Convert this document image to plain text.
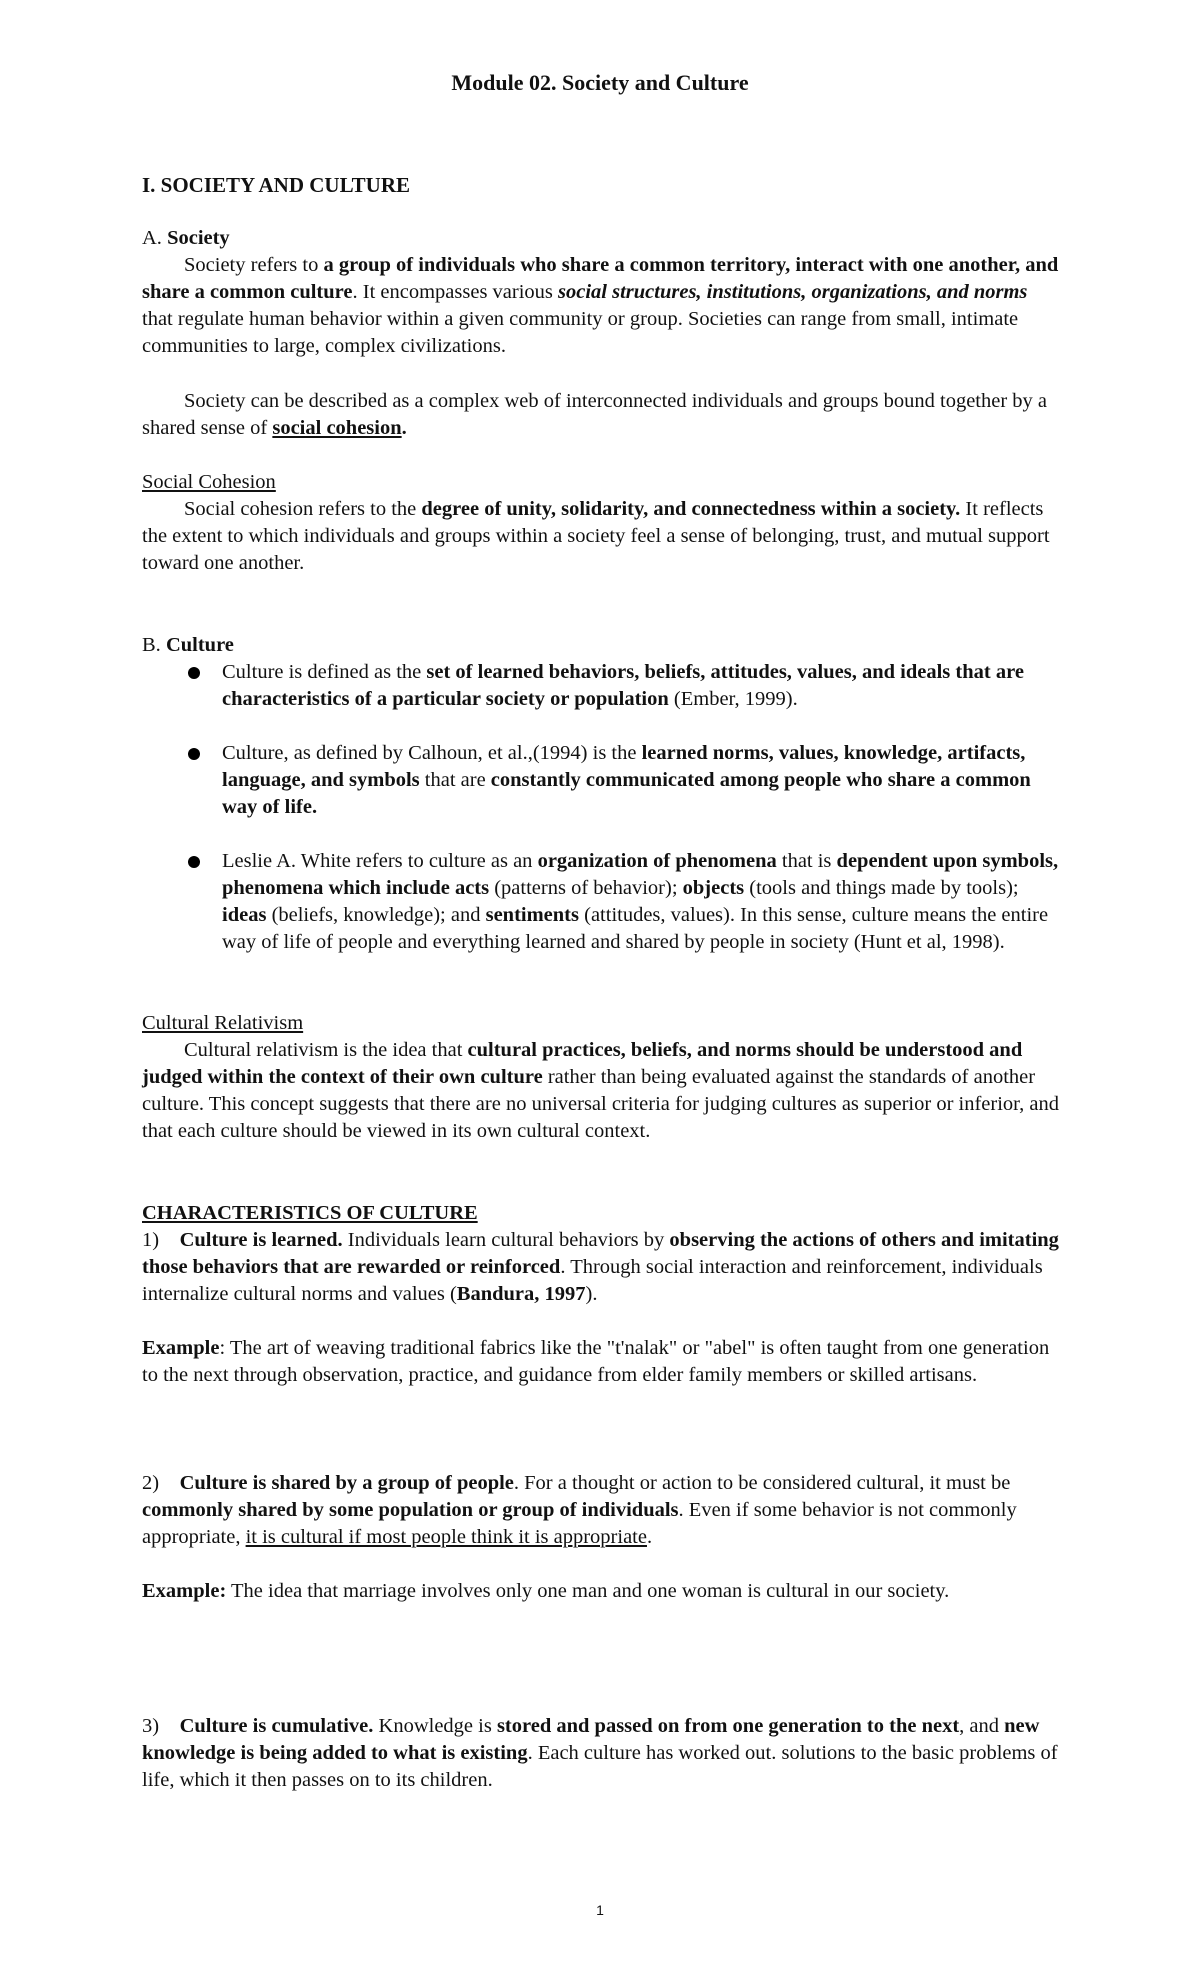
Module 02. Society and Culture
I. SOCIETY AND CULTURE
A. Society
Society refers to a group of individuals who share a common territory, interact with one another, and share a common culture. It encompasses various social structures, institutions, organizations, and norms that regulate human behavior within a given community or group. Societies can range from small, intimate communities to large, complex civilizations.
Society can be described as a complex web of interconnected individuals and groups bound together by a shared sense of social cohesion.
Social Cohesion
Social cohesion refers to the degree of unity, solidarity, and connectedness within a society. It reflects the extent to which individuals and groups within a society feel a sense of belonging, trust, and mutual support toward one another.
B. Culture
Culture is defined as the set of learned behaviors, beliefs, attitudes, values, and ideals that are characteristics of a particular society or population (Ember, 1999).
Culture, as defined by Calhoun, et al.,(1994) is the learned norms, values, knowledge, artifacts, language, and symbols that are constantly communicated among people who share a common way of life.
Leslie A. White refers to culture as an organization of phenomena that is dependent upon symbols, phenomena which include acts (patterns of behavior); objects (tools and things made by tools); ideas (beliefs, knowledge); and sentiments (attitudes, values). In this sense, culture means the entire way of life of people and everything learned and shared by people in society (Hunt et al, 1998).
Cultural Relativism
Cultural relativism is the idea that cultural practices, beliefs, and norms should be understood and judged within the context of their own culture rather than being evaluated against the standards of another culture. This concept suggests that there are no universal criteria for judging cultures as superior or inferior, and that each culture should be viewed in its own cultural context.
CHARACTERISTICS OF CULTURE
1) Culture is learned. Individuals learn cultural behaviors by observing the actions of others and imitating those behaviors that are rewarded or reinforced. Through social interaction and reinforcement, individuals internalize cultural norms and values (Bandura, 1997).
Example: The art of weaving traditional fabrics like the "t'nalak" or "abel" is often taught from one generation to the next through observation, practice, and guidance from elder family members or skilled artisans.
2) Culture is shared by a group of people. For a thought or action to be considered cultural, it must be commonly shared by some population or group of individuals. Even if some behavior is not commonly appropriate, it is cultural if most people think it is appropriate.
Example: The idea that marriage involves only one man and one woman is cultural in our society.
3) Culture is cumulative. Knowledge is stored and passed on from one generation to the next, and new knowledge is being added to what is existing. Each culture has worked out. solutions to the basic problems of life, which it then passes on to its children.
1
